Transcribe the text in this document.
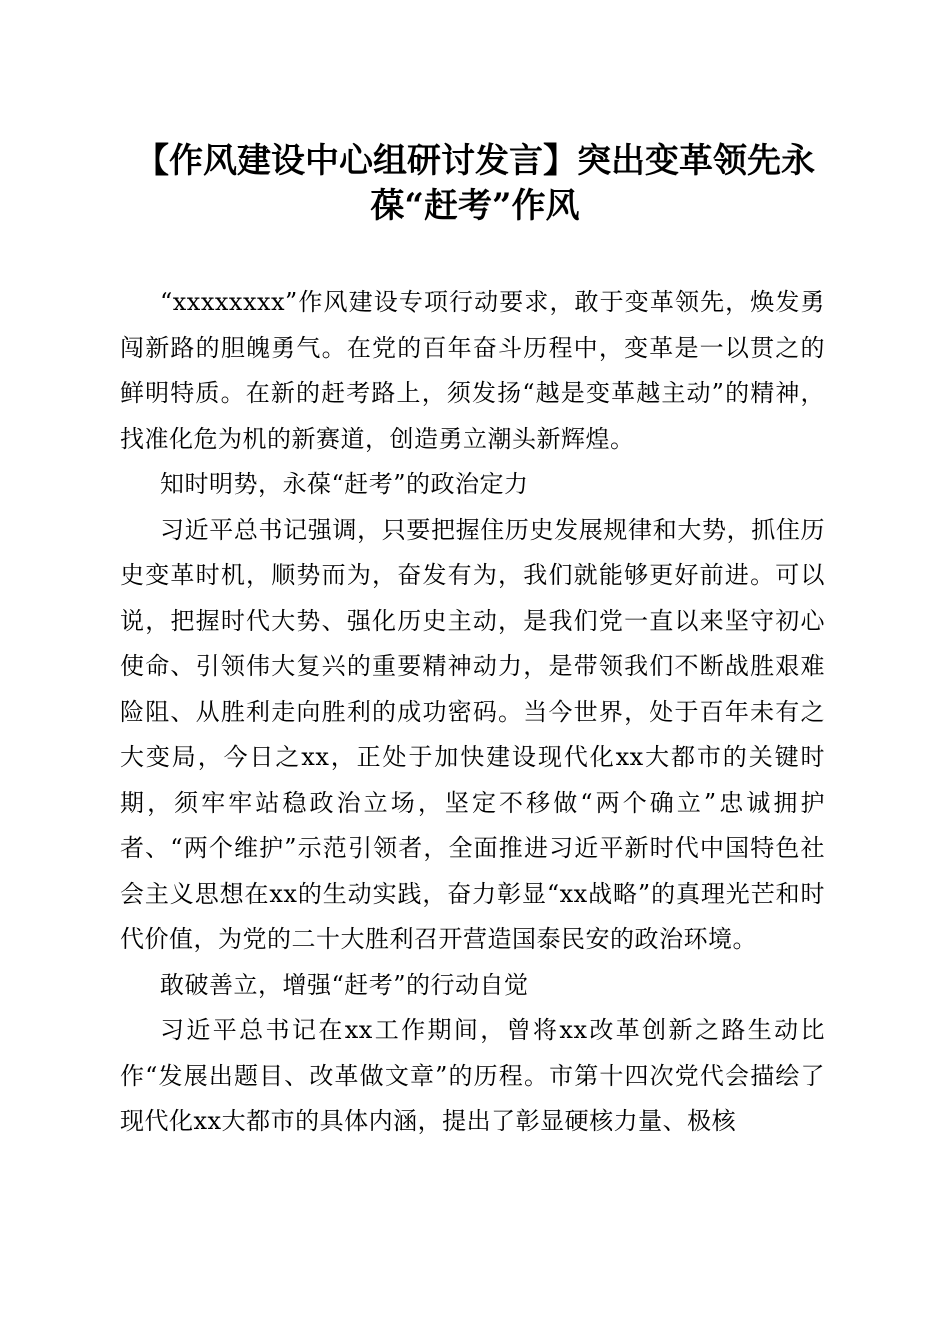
【作风建设中心组研讨发言】突出变革领先永
葆“赶考”作风

“xxxxxxxx”作风建设专项行动要求，敢于变革领先，焕发勇闯新路的胆魄勇气。在党的百年奋斗历程中，变革是一以贯之的鲜明特质。在新的赶考路上，须发扬“越是变革越主动”的精神，找准化危为机的新赛道，创造勇立潮头新辉煌。

知时明势，永葆“赶考”的政治定力

习近平总书记强调，只要把握住历史发展规律和大势，抓住历史变革时机，顺势而为，奋发有为，我们就能够更好前进。可以说，把握时代大势、强化历史主动，是我们党一直以来坚守初心使命、引领伟大复兴的重要精神动力，是带领我们不断战胜艰难险阻、从胜利走向胜利的成功密码。当今世界，处于百年未有之大变局，今日之xx，正处于加快建设现代化xx大都市的关键时期，须牢牢站稳政治立场，坚定不移做“两个确立”忠诚拥护者、“两个维护”示范引领者，全面推进习近平新时代中国特色社会主义思想在xx的生动实践，奋力彰显“xx战略”的真理光芒和时代价值，为党的二十大胜利召开营造国泰民安的政治环境。

敢破善立，增强“赶考”的行动自觉

习近平总书记在xx工作期间，曾将xx改革创新之路生动比作“发展出题目、改革做文章”的历程。市第十四次党代会描绘了现代化xx大都市的具体内涵，提出了彰显硬核力量、极核
